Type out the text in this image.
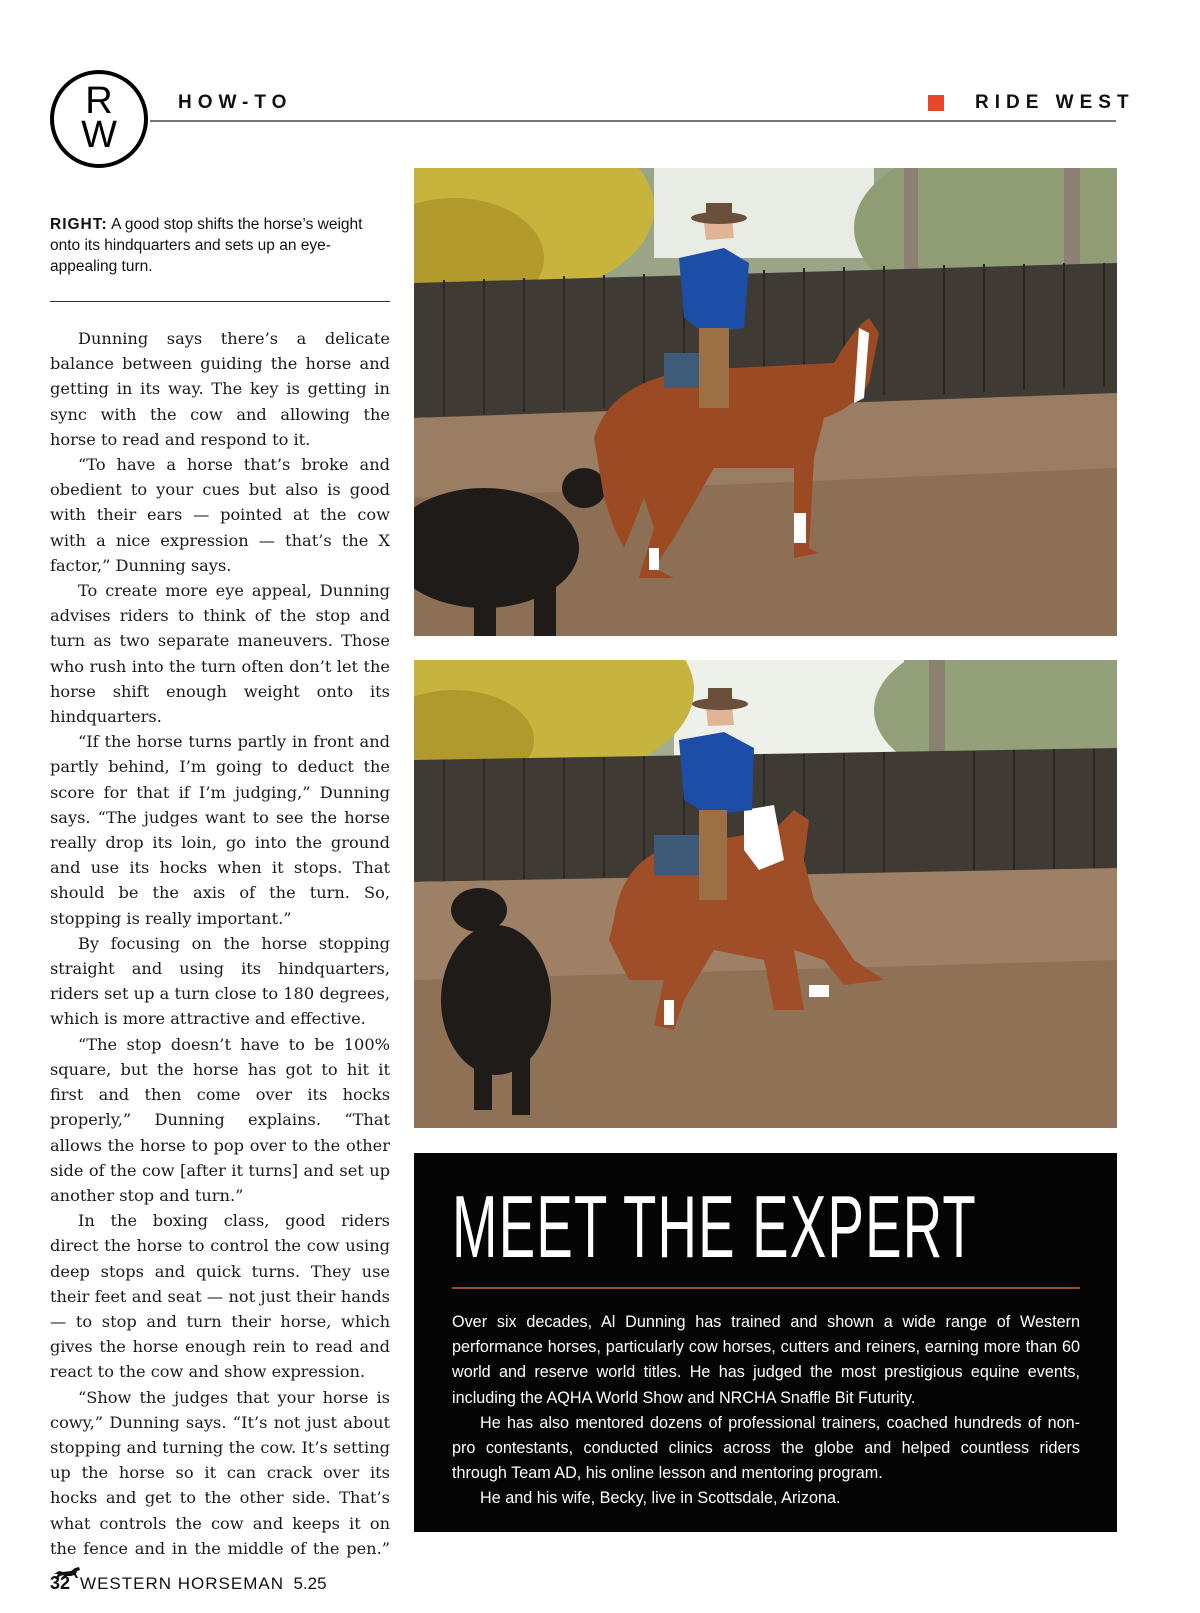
R
W
HOW-TO	RIDE WEST
RIGHT: A good stop shifts the horse’s weight onto its hindquarters and sets up an eye-appealing turn.

Dunning says there’s a delicate balance between guiding the horse and getting in its way. The key is getting in sync with the cow and allowing the horse to read and respond to it.

“To have a horse that’s broke and obedient to your cues but also is good with their ears — pointed at the cow with a nice expression — that’s the X factor,” Dunning says.

To create more eye appeal, Dunning advises riders to think of the stop and turn as two separate maneuvers. Those who rush into the turn often don’t let the horse shift enough weight onto its hindquarters.

“If the horse turns partly in front and partly behind, I’m going to deduct the score for that if I’m judging,” Dunning says. “The judges want to see the horse really drop its loin, go into the ground and use its hocks when it stops. That should be the axis of the turn. So, stopping is really important.”

By focusing on the horse stopping straight and using its hindquarters, riders set up a turn close to 180 degrees, which is more attractive and effective.

“The stop doesn’t have to be 100% square, but the horse has got to hit it first and then come over its hocks properly,” Dunning explains. “That allows the horse to pop over to the other side of the cow [after it turns] and set up another stop and turn.”

In the boxing class, good riders direct the horse to control the cow using deep stops and quick turns. They use their feet and seat — not just their hands — to stop and turn their horse, which gives the horse enough rein to read and react to the cow and show expression.

“Show the judges that your horse is cowy,” Dunning says. “It’s not just about stopping and turning the cow. It’s setting up the horse so it can crack over its hocks and get to the other side. That’s what controls the cow and keeps it on the fence and in the middle of the pen.”

MEET THE EXPERT

Over six decades, Al Dunning has trained and shown a wide range of Western performance horses, particularly cow horses, cutters and reiners, earning more than 60 world and reserve world titles. He has judged the most prestigious equine events, including the AQHA World Show and NRCHA Snaffle Bit Futurity.

He has also mentored dozens of professional trainers, coached hundreds of non-pro contestants, conducted clinics across the globe and helped countless riders through Team AD, his online lesson and mentoring program.

He and his wife, Becky, live in Scottsdale, Arizona.

32 WESTERN HORSEMAN 5.25
